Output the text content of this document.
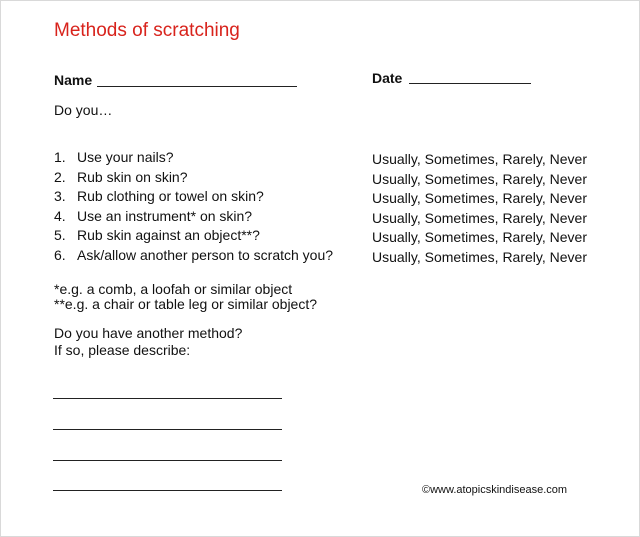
Methods of scratching
Name	Date
Do you…
1. Use your nails?	Usually, Sometimes, Rarely, Never
2. Rub skin on skin?	Usually, Sometimes, Rarely, Never
3. Rub clothing or towel on skin?	Usually, Sometimes, Rarely, Never
4. Use an instrument* on skin?	Usually, Sometimes, Rarely, Never
5. Rub skin against an object**?	Usually, Sometimes, Rarely, Never
6. Ask/allow another person to scratch you?	Usually, Sometimes, Rarely, Never
*e.g. a comb, a loofah or similar object
**e.g. a chair or table leg or similar object?
Do you have another method?
If so, please describe:
©www.atopicskindisease.com
